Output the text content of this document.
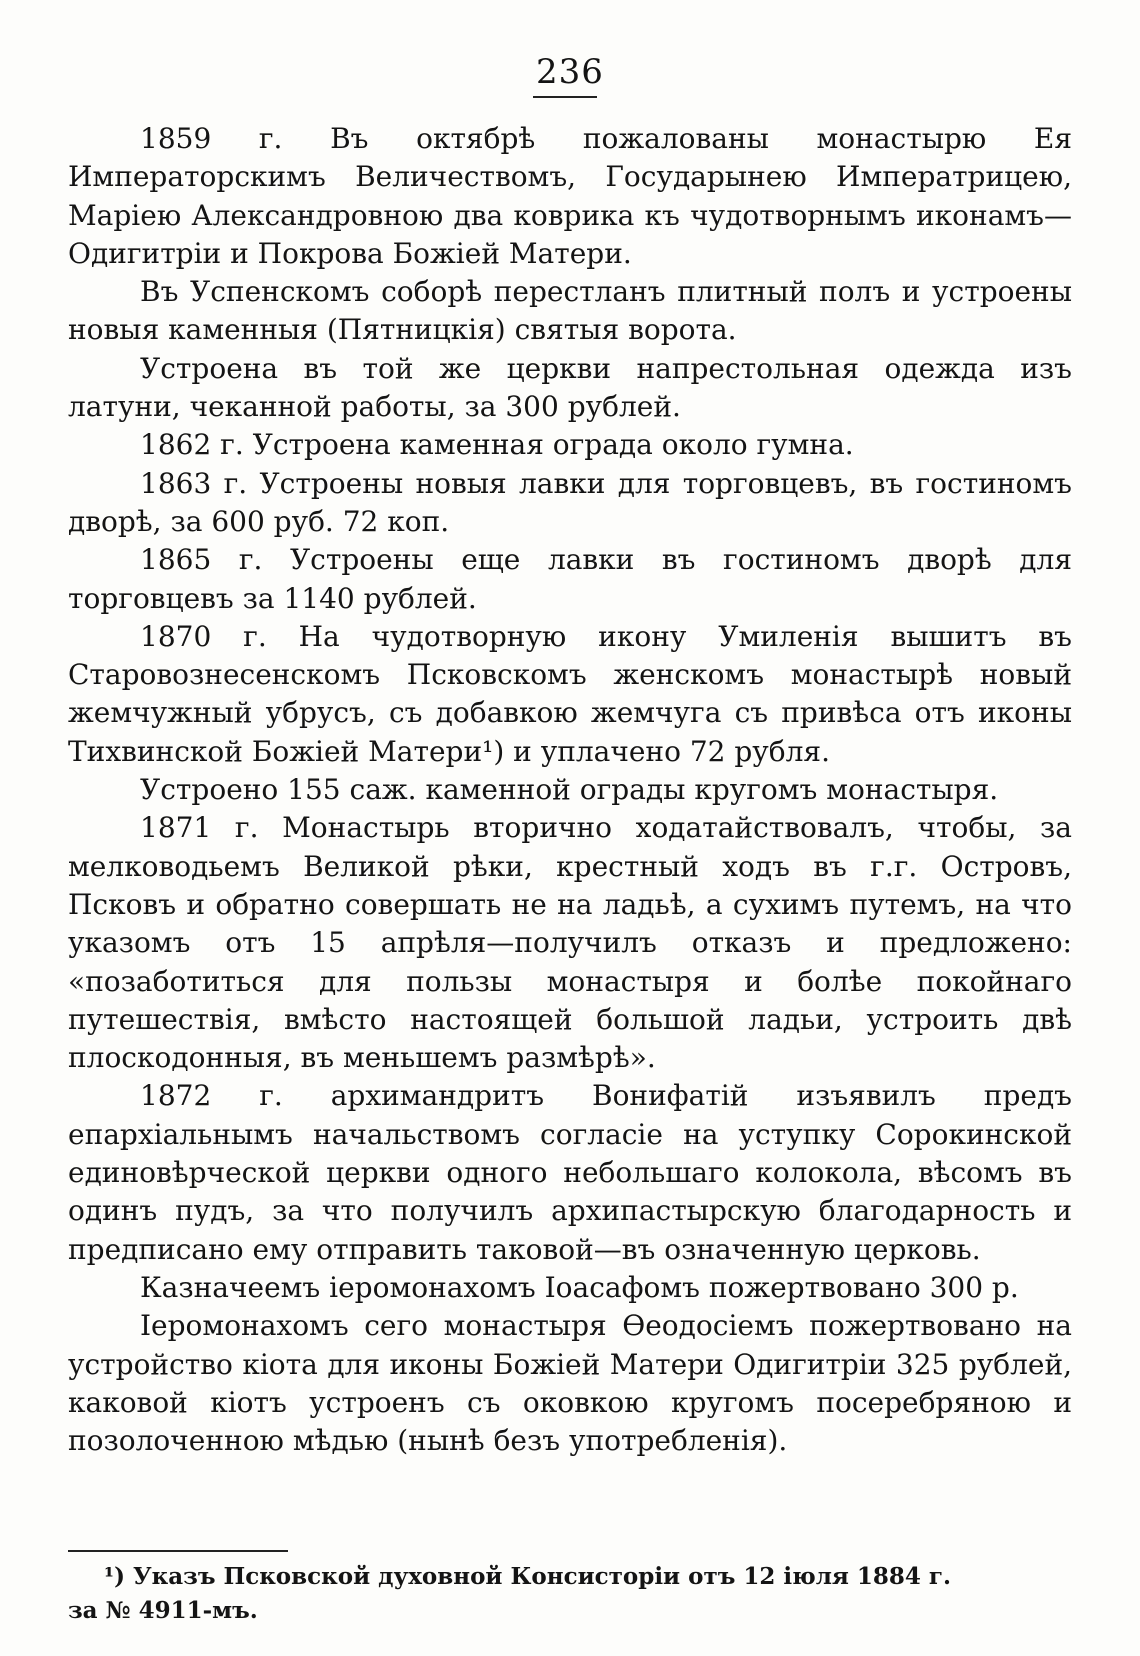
236

1859 г. Въ октябрѣ пожалованы монастырю Ея Императорскимъ Величествомъ, Государынею Императрицею, Маріею Александровною два коврика къ чудотворнымъ иконамъ—Одигитріи и Покрова Божіей Матери.

Въ Успенскомъ соборѣ перестланъ плитный полъ и устроены новыя каменныя (Пятницкія) святыя ворота.

Устроена въ той же церкви напрестольная одежда изъ латуни, чеканной работы, за 300 рублей.

1862 г. Устроена каменная ограда около гумна.

1863 г. Устроены новыя лавки для торговцевъ, въ гостиномъ дворѣ, за 600 руб. 72 коп.

1865 г. Устроены еще лавки въ гостиномъ дворѣ для торговцевъ за 1140 рублей.

1870 г. На чудотворную икону Умиленія вышитъ въ Старовознесенскомъ Псковскомъ женскомъ монастырѣ новый жемчужный убрусъ, съ добавкою жемчуга съ привѣса отъ иконы Тихвинской Божіей Матери¹) и уплачено 72 рубля.

Устроено 155 саж. каменной ограды кругомъ монастыря.

1871 г. Монастырь вторично ходатайствовалъ, чтобы, за мелководьемъ Великой рѣки, крестный ходъ въ г.г. Островъ, Псковъ и обратно совершать не на ладьѣ, а сухимъ путемъ, на что указомъ отъ 15 апрѣля—получилъ отказъ и предложено: «позаботиться для пользы монастыря и болѣе покойнаго путешествія, вмѣсто настоящей большой ладьи, устроить двѣ плоскодонныя, въ меньшемъ размѣрѣ».

1872 г. архимандритъ Вонифатій изъявилъ предъ епархіальнымъ начальствомъ согласіе на уступку Сорокинской единовѣрческой церкви одного небольшаго колокола, вѣсомъ въ одинъ пудъ, за что получилъ архипастырскую благодарность и предписано ему отправить таковой—въ означенную церковь.

Казначеемъ іеромонахомъ Іоасафомъ пожертвовано 300 р.

Іеромонахомъ сего монастыря Ѳеодосіемъ пожертвовано на устройство кіота для иконы Божіей Матери Одигитріи 325 рублей, каковой кіотъ устроенъ съ оковкою кругомъ посеребряною и позолоченною мѣдью (нынѣ безъ употребленія).

¹) Указъ Псковской духовной Консисторіи отъ 12 іюля 1884 г.
за № 4911-мъ.
